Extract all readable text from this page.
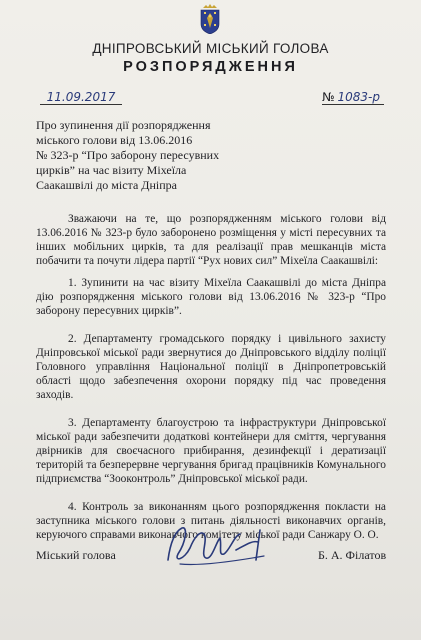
ДНІПРОВСЬКИЙ МІСЬКИЙ ГОЛОВА
РОЗПОРЯДЖЕННЯ
11.09.2017	№ 1083-р
Про зупинення дії розпорядження
міського голови від 13.06.2016
№ 323-р “Про заборону пересувних
цирків” на час візиту Міхеїла
Саакашвілі до міста Дніпра

Зважаючи на те, що розпорядженням міського голови від 13.06.2016 № 323-р було заборонено розміщення у місті пересувних та інших мобільних цирків, та для реалізації прав мешканців міста побачити та почути лідера партії “Рух нових сил” Міхеїла Саакашвілі:

1. Зупинити на час візиту Міхеїла Саакашвілі до міста Дніпра дію розпорядження міського голови від 13.06.2016 № 323-р “Про заборону пересувних цирків”.

2. Департаменту громадського порядку і цивільного захисту Дніпровської міської ради звернутися до Дніпровського відділу поліції Головного управління Національної поліції в Дніпропетровській області щодо забезпечення охорони порядку під час проведення заходів.

3. Департаменту благоустрою та інфраструктури Дніпровської міської ради забезпечити додаткові контейнери для сміття, чергування двірників для своєчасного прибирання, дезинфекції і дератизації територій та безперервне чергування бригад працівників Комунального підприємства “Зооконтроль” Дніпровської міської ради.

4. Контроль за виконанням цього розпорядження покласти на заступника міського голови з питань діяльності виконавчих органів, керуючого справами виконавчого комітету міської ради Санжару О. О.

Міський голова	Б. А. Філатов
